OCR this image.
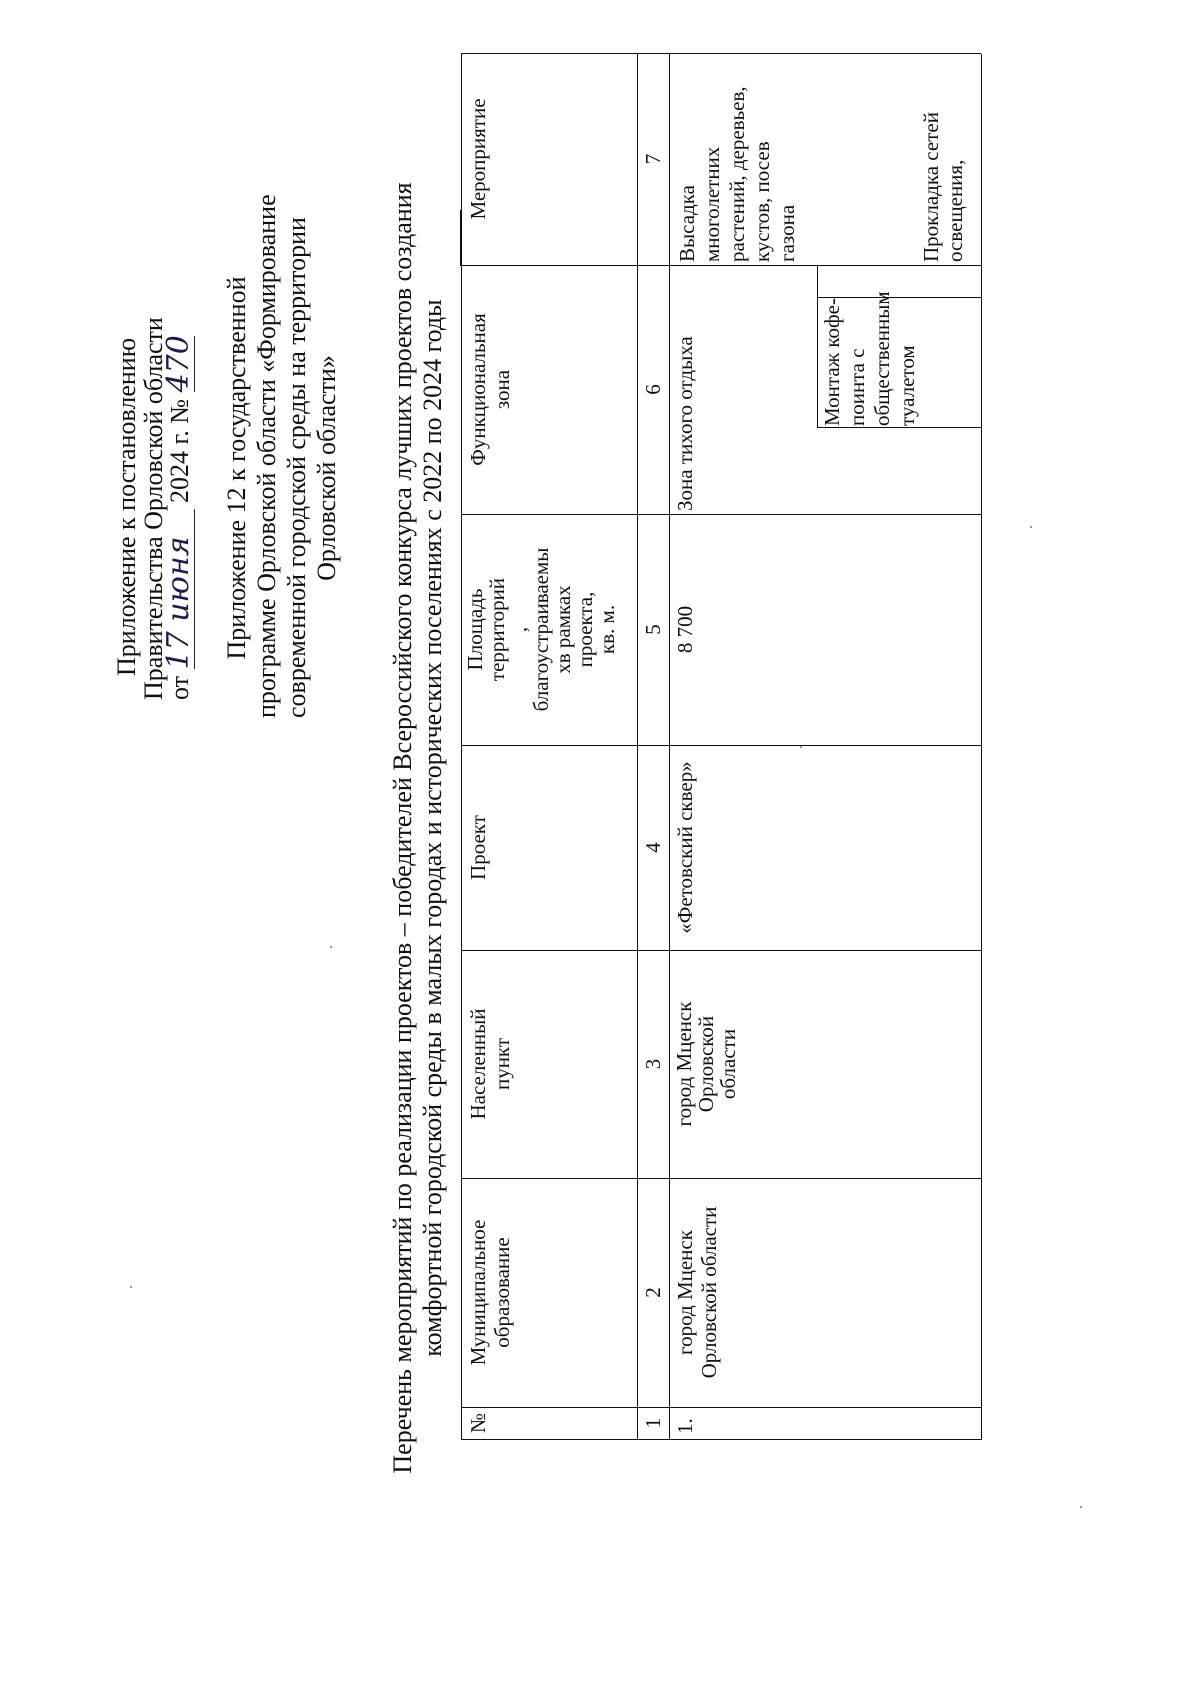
Приложение к постановлению
Правительства Орловской области
от 17 июня 2024 г. № 470 Приложение 12 к государственной программе Орловской области «Формирование современной городской среды на территории Орловской области» Перечень мероприятий по реализации проектов – победителей Всероссийского конкурса лучших проектов создания комфортной городской среды в малых городах и исторических поселениях с 2022 по 2024 годы
№
Муниципальное образование
Населенный пункт
Проект
Площадь
территорий
,
благоустраиваемы
хв рамках
проекта,
кв. м.
Функциональная зона
Мероприятие
1
2
3
4
5
6
7
1.
город Мценск Орловской области
город Мценск
Орловской
области
«Фетовский сквер»
8 700
Зона тихого отдыха
Высадка многолетних растений, деревьев, кустов, посев газона
Монтаж кофе- поинта с общественным туалетом
Прокладка сетей освещения,
